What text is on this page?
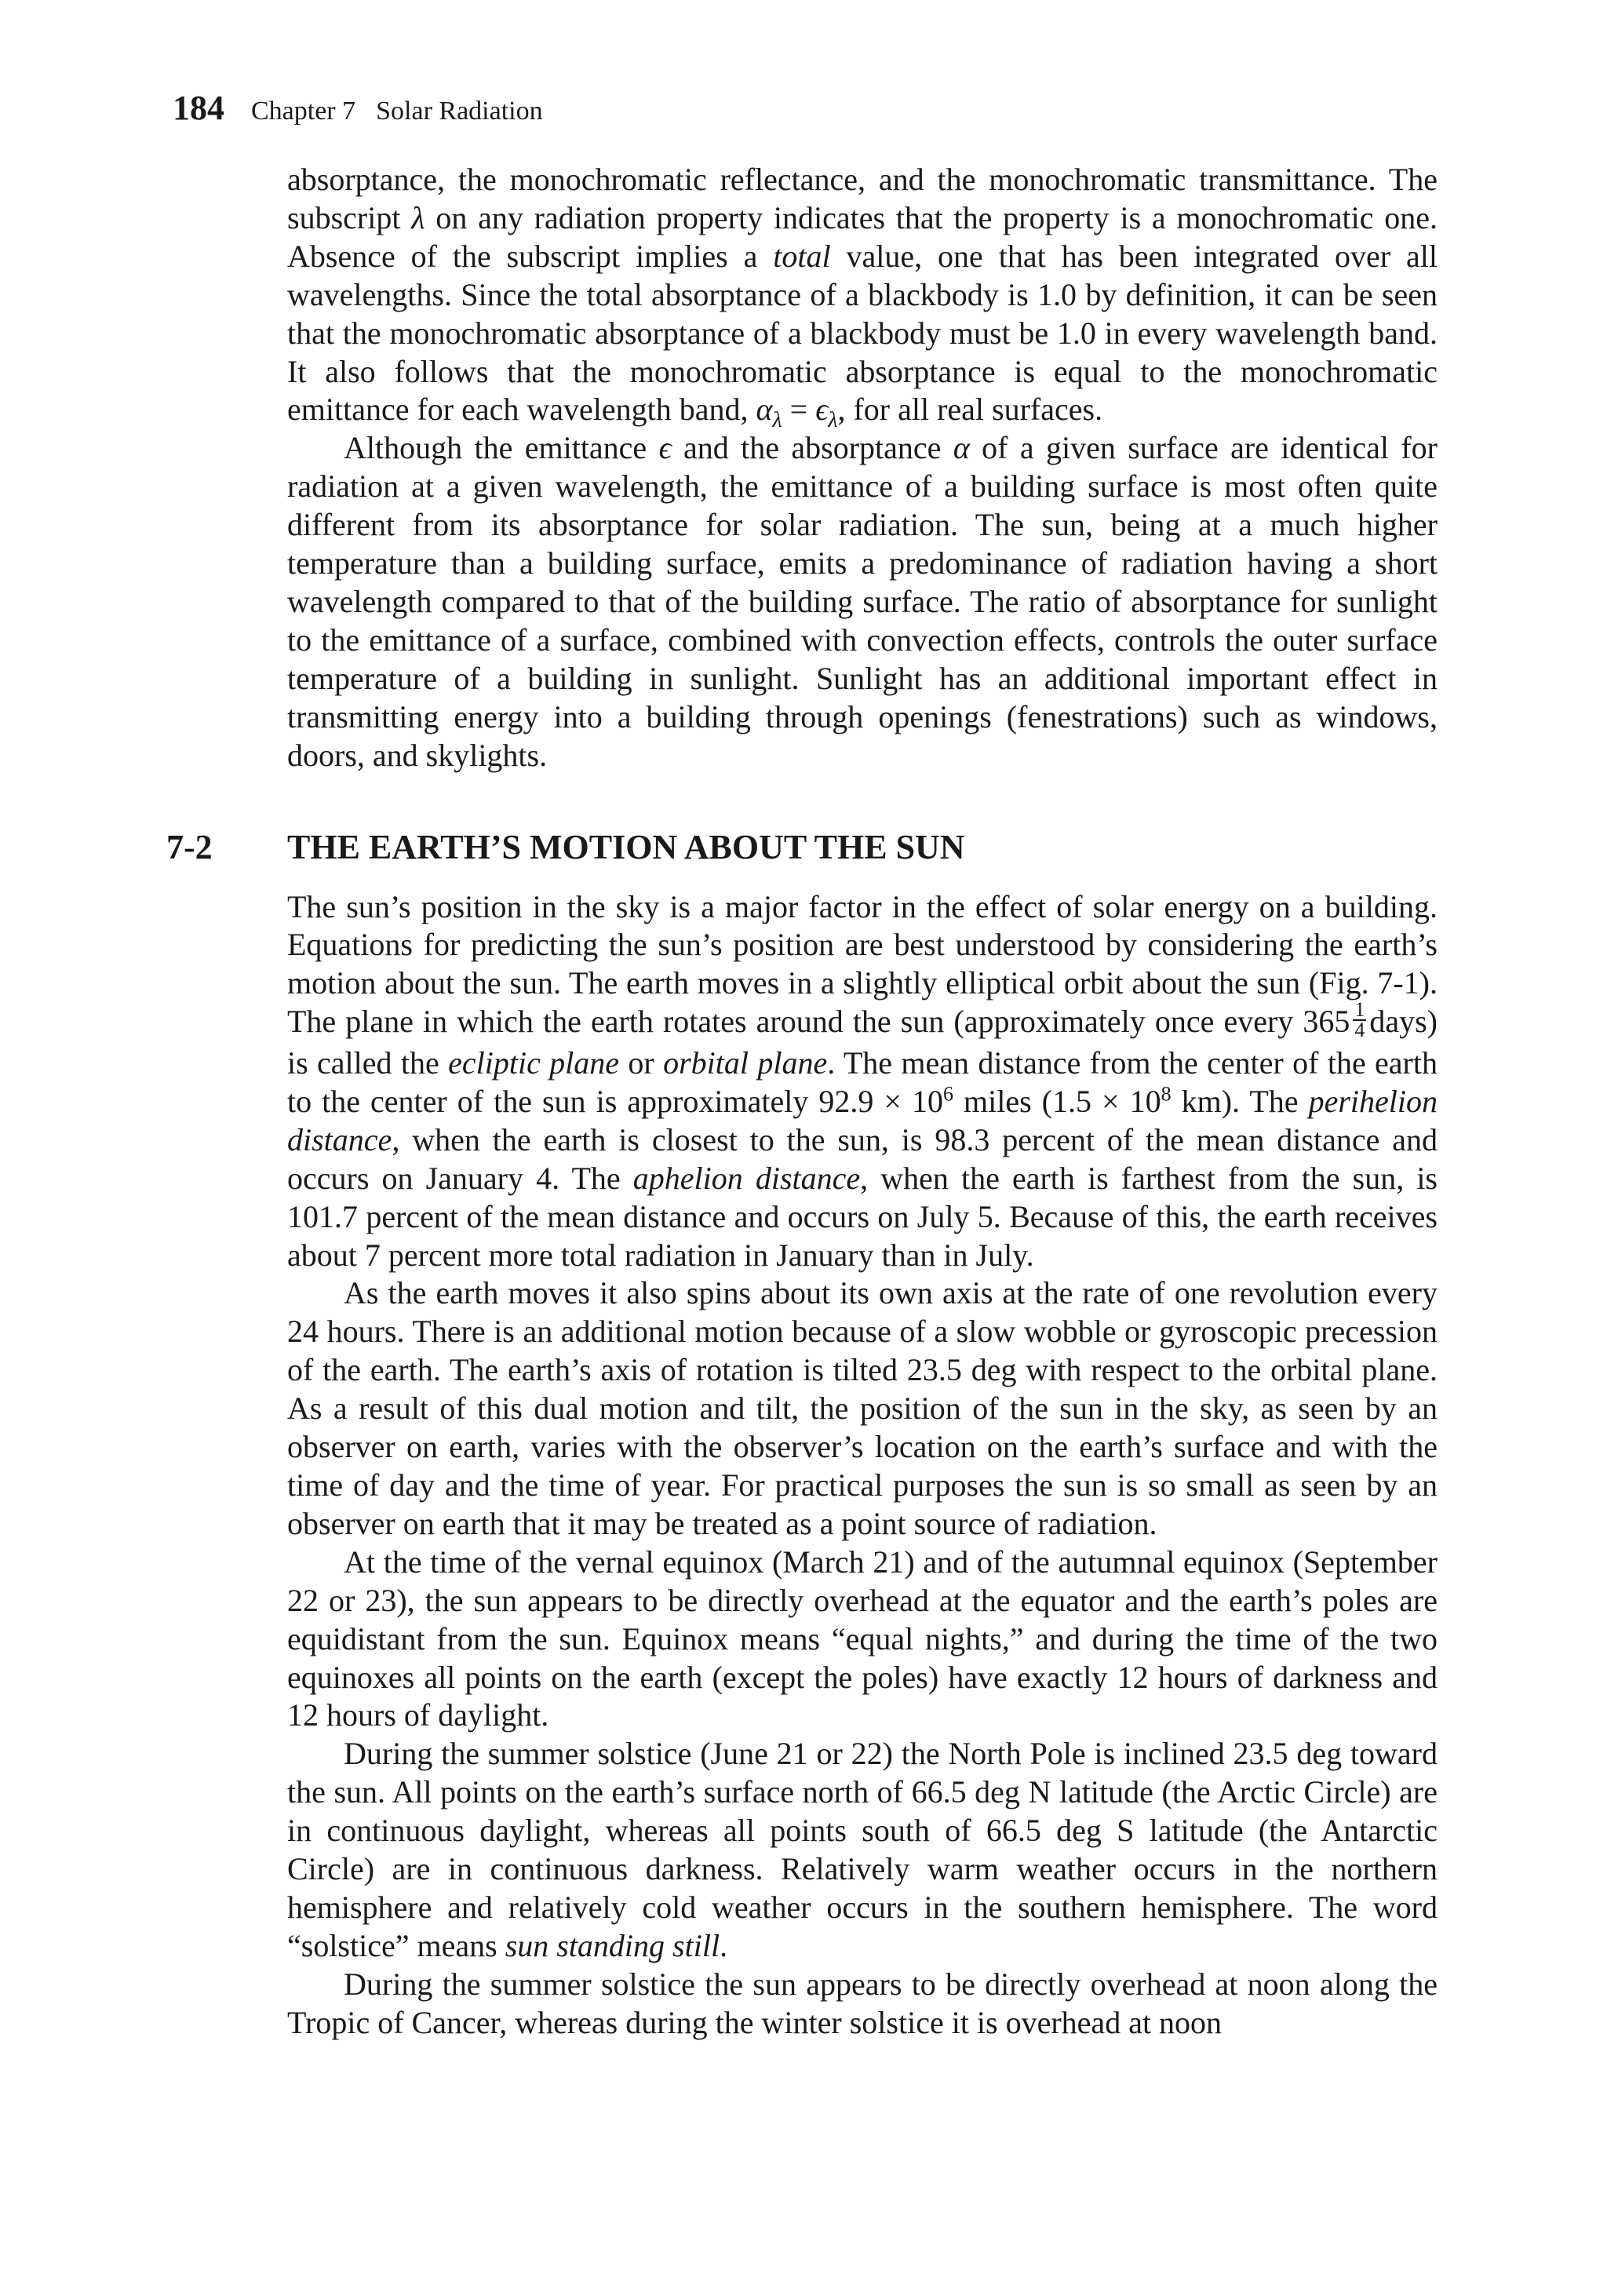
184 Chapter 7 Solar Radiation

absorptance, the monochromatic reflectance, and the monochromatic transmittance. The subscript λ on any radiation property indicates that the property is a monochromatic one. Absence of the subscript implies a total value, one that has been integrated over all wavelengths. Since the total absorptance of a blackbody is 1.0 by definition, it can be seen that the monochromatic absorptance of a blackbody must be 1.0 in every wavelength band. It also follows that the monochromatic absorptance is equal to the monochromatic emittance for each wavelength band, $\alpha_\lambda = \epsilon_\lambda$, for all real surfaces.

Although the emittance ϵ and the absorptance α of a given surface are identical for radiation at a given wavelength, the emittance of a building surface is most often quite different from its absorptance for solar radiation. The sun, being at a much higher temperature than a building surface, emits a predominance of radiation having a short wavelength compared to that of the building surface. The ratio of absorptance for sunlight to the emittance of a surface, combined with convection effects, controls the outer surface temperature of a building in sunlight. Sunlight has an additional important effect in transmitting energy into a building through openings (fenestrations) such as windows, doors, and skylights.

7-2 THE EARTH’S MOTION ABOUT THE SUN

The sun’s position in the sky is a major factor in the effect of solar energy on a building. Equations for predicting the sun’s position are best understood by considering the earth’s motion about the sun. The earth moves in a slightly elliptical orbit about the sun (Fig. 7-1). The plane in which the earth rotates around the sun (approximately once every $365 \frac{1}{4}$ days) is called the ecliptic plane or orbital plane. The mean distance from the center of the earth to the center of the sun is approximately $92.9 \times 10^6$ miles ($1.5 \times 10^8$ km). The perihelion distance, when the earth is closest to the sun, is 98.3 percent of the mean distance and occurs on January 4. The aphelion distance, when the earth is farthest from the sun, is 101.7 percent of the mean distance and occurs on July 5. Because of this, the earth receives about 7 percent more total radiation in January than in July.

As the earth moves it also spins about its own axis at the rate of one revolution every 24 hours. There is an additional motion because of a slow wobble or gyroscopic precession of the earth. The earth’s axis of rotation is tilted 23.5 deg with respect to the orbital plane. As a result of this dual motion and tilt, the position of the sun in the sky, as seen by an observer on earth, varies with the observer’s location on the earth’s surface and with the time of day and the time of year. For practical purposes the sun is so small as seen by an observer on earth that it may be treated as a point source of radiation.

At the time of the vernal equinox (March 21) and of the autumnal equinox (September 22 or 23), the sun appears to be directly overhead at the equator and the earth’s poles are equidistant from the sun. Equinox means “equal nights,” and during the time of the two equinoxes all points on the earth (except the poles) have exactly 12 hours of darkness and 12 hours of daylight.

During the summer solstice (June 21 or 22) the North Pole is inclined 23.5 deg toward the sun. All points on the earth’s surface north of 66.5 deg N latitude (the Arctic Circle) are in continuous daylight, whereas all points south of 66.5 deg S latitude (the Antarctic Circle) are in continuous darkness. Relatively warm weather occurs in the northern hemisphere and relatively cold weather occurs in the southern hemisphere. The word “solstice” means sun standing still.

During the summer solstice the sun appears to be directly overhead at noon along the Tropic of Cancer, whereas during the winter solstice it is overhead at noon
